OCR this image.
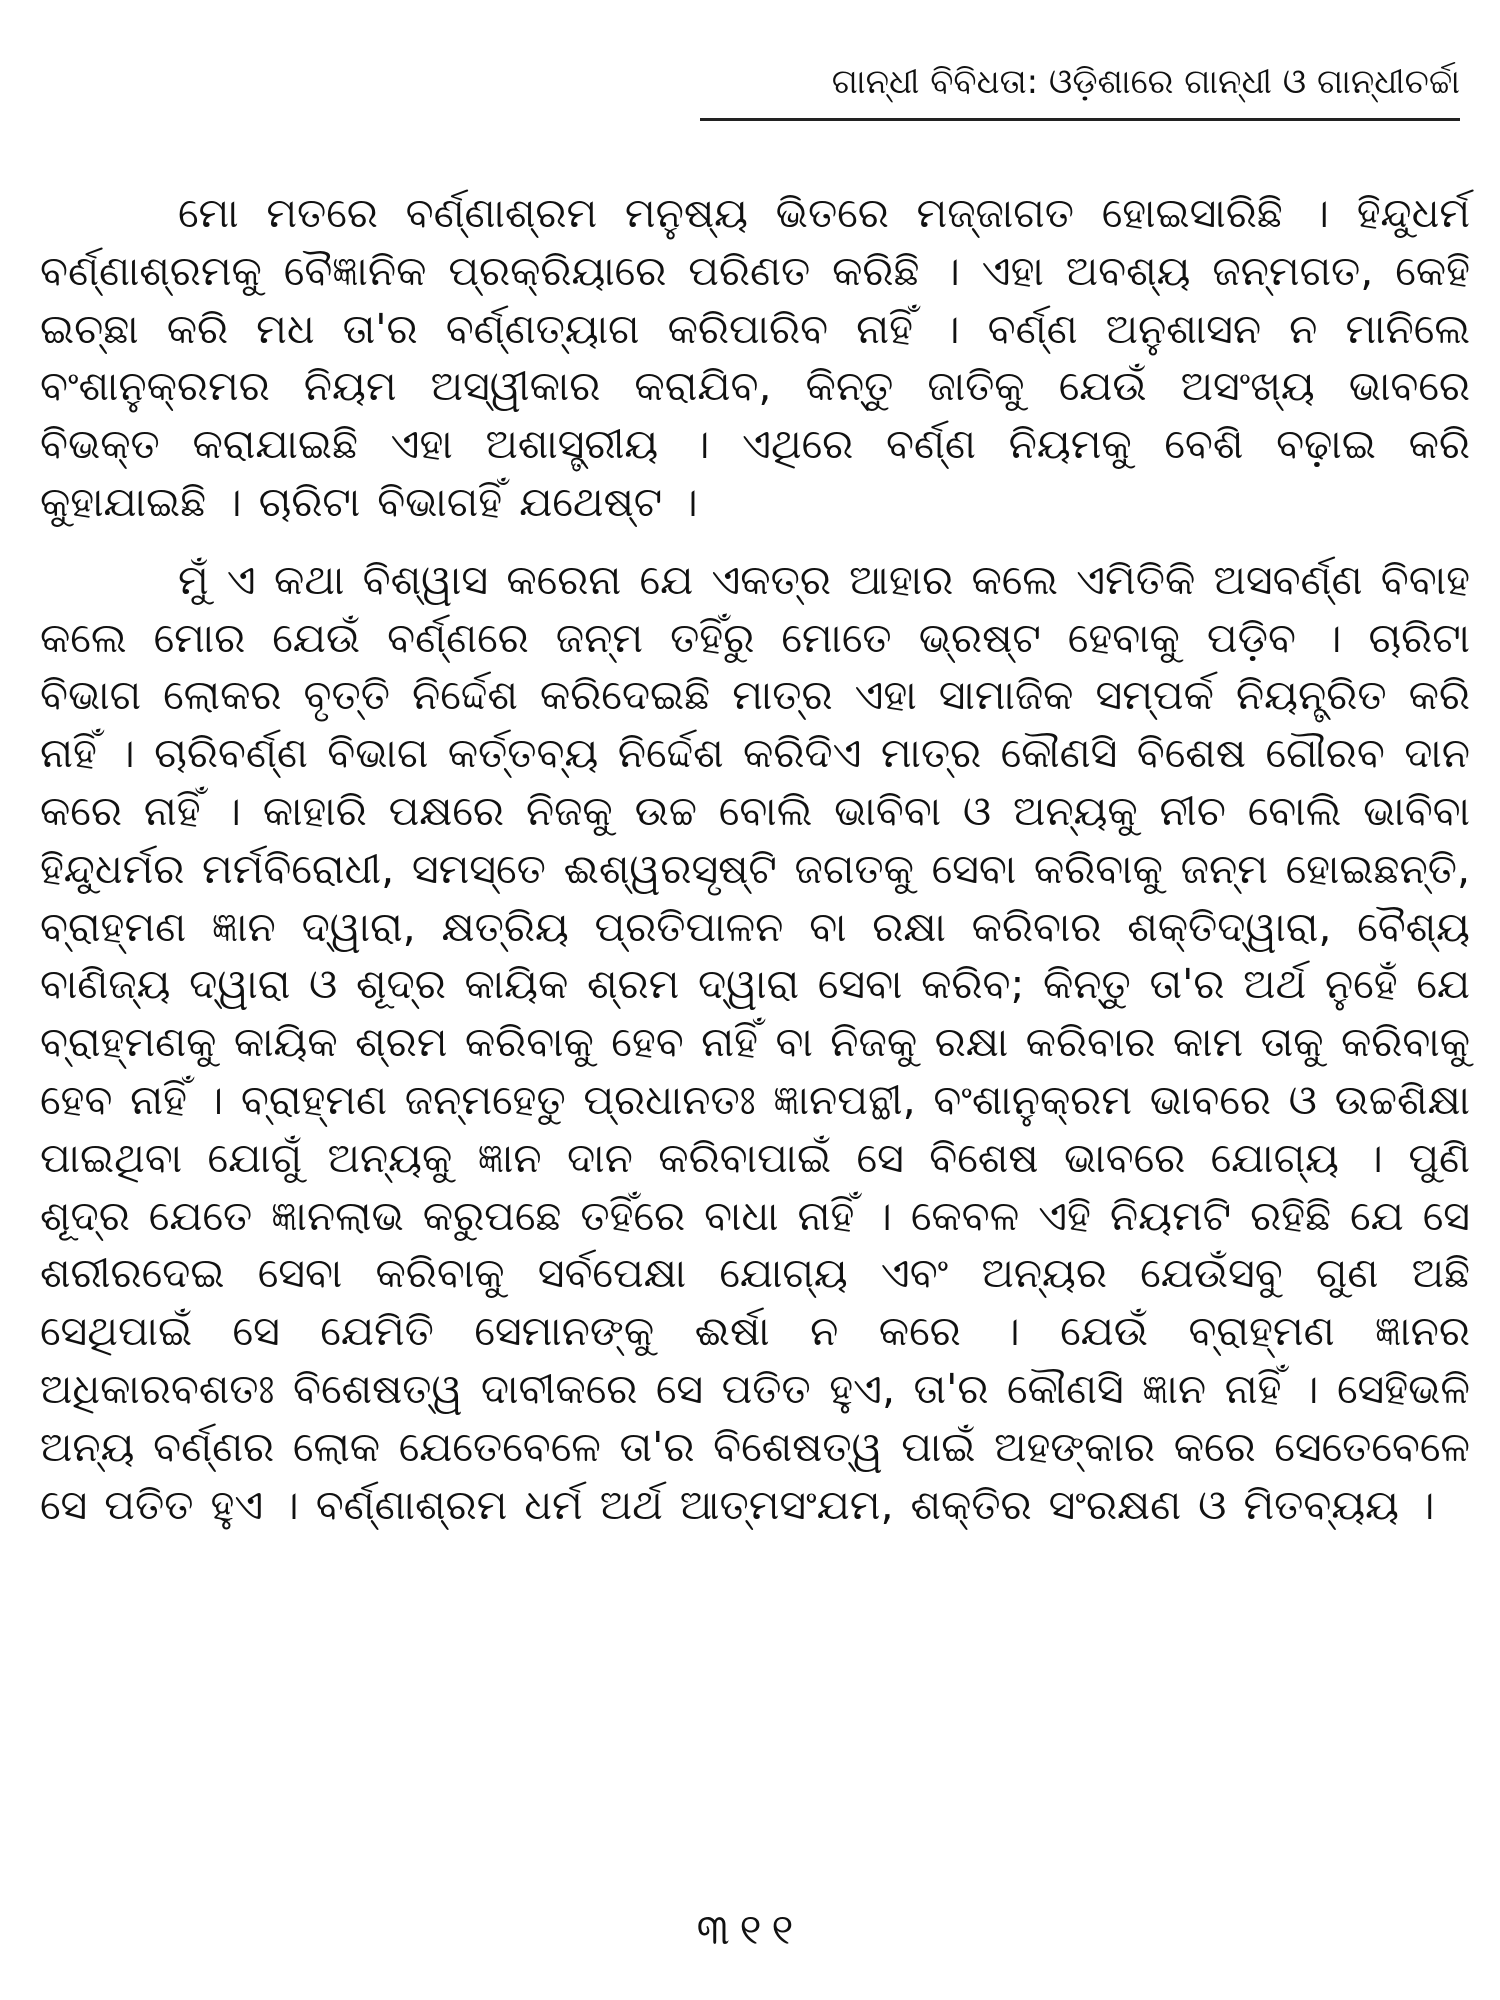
ଗାନ୍ଧୀ ବିବିଧତା: ଓଡ଼ିଶାରେ ଗାନ୍ଧୀ ଓ ଗାନ୍ଧୀଚର୍ଚ୍ଚା

ମୋ ମତରେ ବର୍ଣ୍ଣାଶ୍ରମ ମନୁଷ୍ୟ ଭିତରେ ମଜ୍ଜାଗତ ହୋଇସାରିଛି । ହିନ୍ଦୁଧର୍ମ ବର୍ଣ୍ଣାଶ୍ରମକୁ ବୈଜ୍ଞାନିକ ପ୍ରକ୍ରିୟାରେ ପରିଣତ କରିଛି । ଏହା ଅବଶ୍ୟ ଜନ୍ମଗତ, କେହି ଇଚ୍ଛା କରି ମଧ ତା'ର ବର୍ଣ୍ଣତ୍ୟାଗ କରିପାରିବ ନାହିଁ । ବର୍ଣ୍ଣ ଅନୁଶାସନ ନ ମାନିଲେ ବଂଶାନୁକ୍ରମର ନିୟମ ଅସ୍ୱୀକାର କରାଯିବ, କିନ୍ତୁ ଜାତିକୁ ଯେଉଁ ଅସଂଖ୍ୟ ଭାବରେ ବିଭକ୍ତ କରାଯାଇଛି ଏହା ଅଶାସ୍ତ୍ରୀୟ । ଏଥିରେ ବର୍ଣ୍ଣ ନିୟମକୁ ବେଶି ବଢ଼ାଇ କରି କୁହାଯାଇଛି । ଚାରିଟା ବିଭାଗହିଁ ଯଥେଷ୍ଟ ।

ମୁଁ ଏ କଥା ବିଶ୍ୱାସ କରେନା ଯେ ଏକତ୍ର ଆହାର କଲେ ଏମିତିକି ଅସବର୍ଣ୍ଣ ବିବାହ କଲେ ମୋର ଯେଉଁ ବର୍ଣ୍ଣରେ ଜନ୍ମ ତହିଁରୁ ମୋତେ ଭ୍ରଷ୍ଟ ହେବାକୁ ପଡ଼ିବ । ଚାରିଟା ବିଭାଗ ଲୋକର ବୃତ୍ତି ନିର୍ଦ୍ଦେଶ କରିଦେଇଛି ମାତ୍ର ଏହା ସାମାଜିକ ସମ୍ପର୍କ ନିୟନ୍ତ୍ରିତ କରି ନାହିଁ । ଚାରିବର୍ଣ୍ଣ ବିଭାଗ କର୍ତ୍ତବ୍ୟ ନିର୍ଦ୍ଦେଶ କରିଦିଏ ମାତ୍ର କୌଣସି ବିଶେଷ ଗୌରବ ଦାନ କରେ ନାହିଁ । କାହାରି ପକ୍ଷରେ ନିଜକୁ ଉଚ୍ଚ ବୋଲି ଭାବିବା ଓ ଅନ୍ୟକୁ ନୀଚ ବୋଲି ଭାବିବା ହିନ୍ଦୁଧର୍ମର ମର୍ମବିରୋଧୀ, ସମସ୍ତେ ଈଶ୍ୱରସୃଷ୍ଟି ଜଗତକୁ ସେବା କରିବାକୁ ଜନ୍ମ ହୋଇଛନ୍ତି, ବ୍ରାହ୍ମଣ ଜ୍ଞାନ ଦ୍ୱାରା, କ୍ଷତ୍ରିୟ ପ୍ରତିପାଳନ ବା ରକ୍ଷା କରିବାର ଶକ୍ତିଦ୍ୱାରା, ବୈଶ୍ୟ ବାଣିଜ୍ୟ ଦ୍ୱାରା ଓ ଶୂଦ୍ର କାୟିକ ଶ୍ରମ ଦ୍ୱାରା ସେବା କରିବ; କିନ୍ତୁ ତା'ର ଅର୍ଥ ନୁହେଁ ଯେ ବ୍ରାହ୍ମଣକୁ କାୟିକ ଶ୍ରମ କରିବାକୁ ହେବ ନାହିଁ ବା ନିଜକୁ ରକ୍ଷା କରିବାର କାମ ତାକୁ କରିବାକୁ ହେବ ନାହିଁ । ବ୍ରାହ୍ମଣ ଜନ୍ମହେତୁ ପ୍ରଧାନତଃ ଜ୍ଞାନପନ୍ଥୀ, ବଂଶାନୁକ୍ରମ ଭାବରେ ଓ ଉଚ୍ଚଶିକ୍ଷା ପାଇଥିବା ଯୋଗୁଁ ଅନ୍ୟକୁ ଜ୍ଞାନ ଦାନ କରିବାପାଇଁ ସେ ବିଶେଷ ଭାବରେ ଯୋଗ୍ୟ । ପୁଣି ଶୂଦ୍ର ଯେତେ ଜ୍ଞାନଲାଭ କରୁପଛେ ତହିଁରେ ବାଧା ନାହିଁ । କେବଳ ଏହି ନିୟମଟି ରହିଛି ଯେ ସେ ଶରୀରଦେଇ ସେବା କରିବାକୁ ସର୍ବପେକ୍ଷା ଯୋଗ୍ୟ ଏବଂ ଅନ୍ୟର ଯେଉଁସବୁ ଗୁଣ ଅଛି ସେଥିପାଇଁ ସେ ଯେମିତି ସେମାନଙ୍କୁ ଈର୍ଷା ନ କରେ । ଯେଉଁ ବ୍ରାହ୍ମଣ ଜ୍ଞାନର ଅଧିକାରବଶତଃ ବିଶେଷତ୍ୱ ଦାବୀକରେ ସେ ପତିତ ହୁଏ, ତା'ର କୌଣସି ଜ୍ଞାନ ନାହିଁ । ସେହିଭଳି ଅନ୍ୟ ବର୍ଣ୍ଣର ଲୋକ ଯେତେବେଳେ ତା'ର ବିଶେଷତ୍ୱ ପାଇଁ ଅହଙ୍କାର କରେ ସେତେବେଳେ ସେ ପତିତ ହୁଏ । ବର୍ଣ୍ଣାଶ୍ରମ ଧର୍ମ ଅର୍ଥ ଆତ୍ମସଂଯମ, ଶକ୍ତିର ସଂରକ୍ଷଣ ଓ ମିତବ୍ୟୟ ।

୩୧୧
